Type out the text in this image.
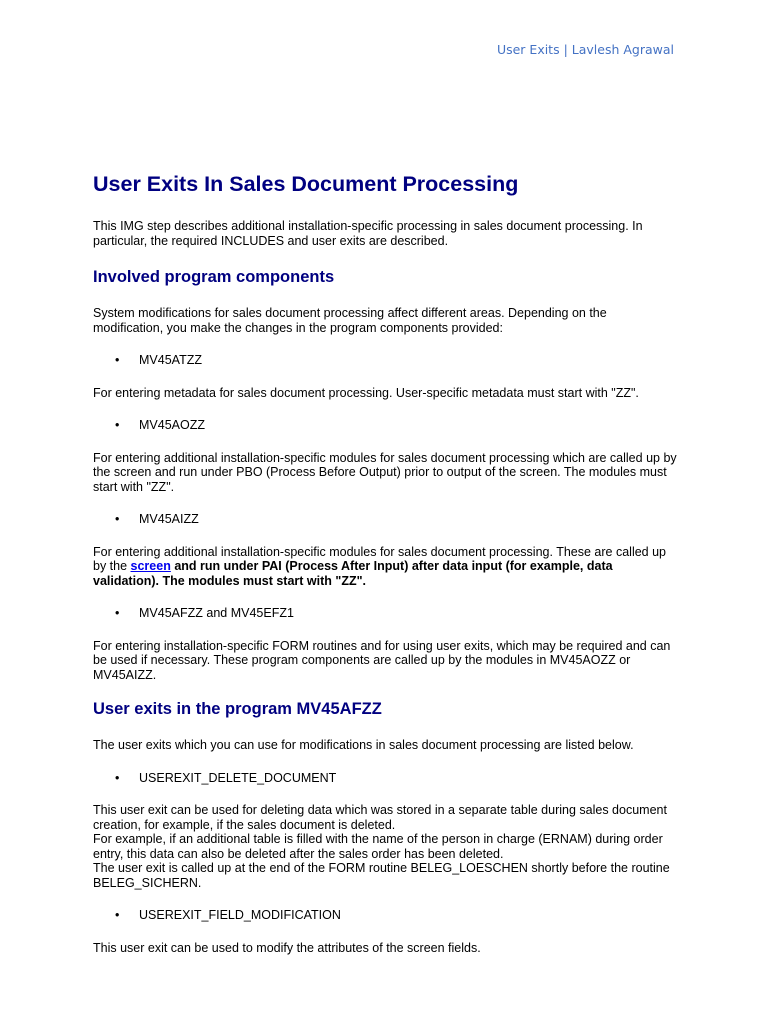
User Exits | Lavlesh Agrawal
User Exits In Sales Document Processing

This IMG step describes additional installation-specific processing in sales document processing. In particular, the required INCLUDES and user exits are described.

Involved program components

System modifications for sales document processing affect different areas. Depending on the modification, you make the changes in the program components provided:

• MV45ATZZ

For entering metadata for sales document processing. User-specific metadata must start with "ZZ".

• MV45AOZZ

For entering additional installation-specific modules for sales document processing which are called up by the screen and run under PBO (Process Before Output) prior to output of the screen. The modules must start with "ZZ".

• MV45AIZZ

For entering additional installation-specific modules for sales document processing. These are called up by the screen and run under PAI (Process After Input) after data input (for example, data validation). The modules must start with "ZZ".

• MV45AFZZ and MV45EFZ1

For entering installation-specific FORM routines and for using user exits, which may be required and can be used if necessary. These program components are called up by the modules in MV45AOZZ or MV45AIZZ.

User exits in the program MV45AFZZ

The user exits which you can use for modifications in sales document processing are listed below.

• USEREXIT_DELETE_DOCUMENT

This user exit can be used for deleting data which was stored in a separate table during sales document creation, for example, if the sales document is deleted.

For example, if an additional table is filled with the name of the person in charge (ERNAM) during order entry, this data can also be deleted after the sales order has been deleted.

The user exit is called up at the end of the FORM routine BELEG_LOESCHEN shortly before the routine BELEG_SICHERN.

• USEREXIT_FIELD_MODIFICATION

This user exit can be used to modify the attributes of the screen fields.
